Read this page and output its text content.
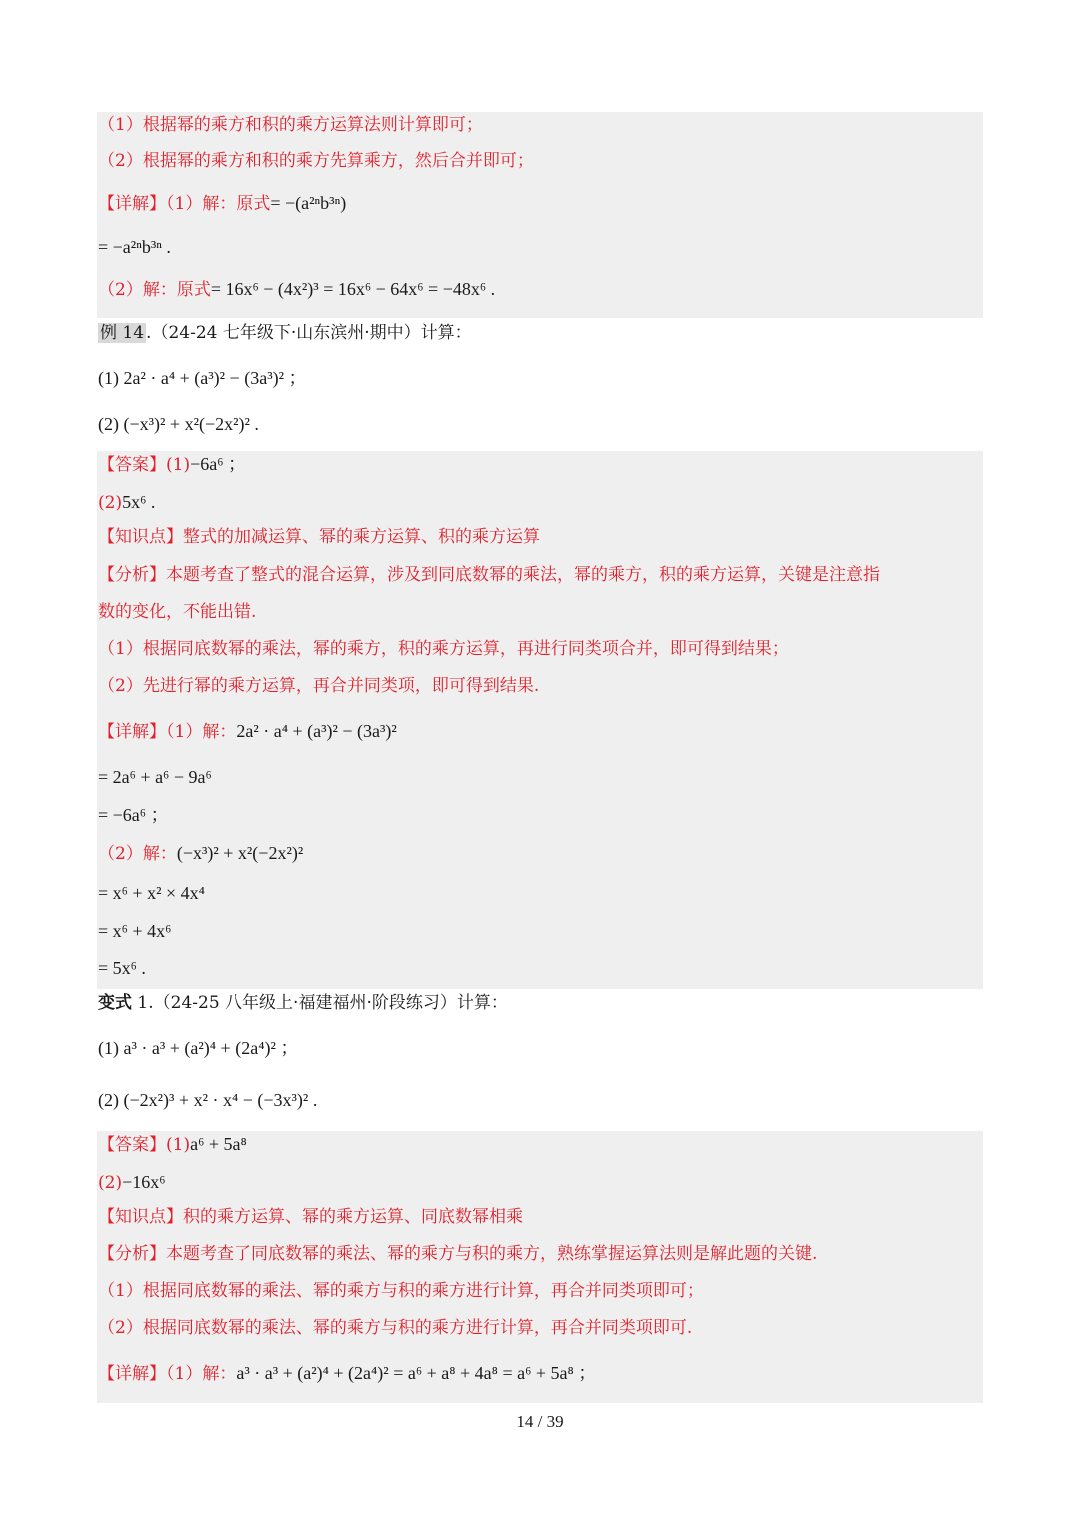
（1）根据幂的乘方和积的乘方运算法则计算即可；
（2）根据幂的乘方和积的乘方先算乘方，然后合并即可；
【详解】（1）解：原式= −(a²ⁿb³ⁿ)
= −a²ⁿb³ⁿ .
（2）解：原式= 16x⁶ − (4x²)³ = 16x⁶ − 64x⁶ = −48x⁶ .
例 14 .（24-24 七年级下·山东滨州·期中）计算：
(1) 2a² · a⁴ + (a³)² − (3a³)² ；
(2) (−x³)² + x²(−2x²)² .
【答案】(1)−6a⁶ ；
(2)5x⁶ .
【知识点】整式的加减运算、幂的乘方运算、积的乘方运算
【分析】本题考查了整式的混合运算，涉及到同底数幂的乘法，幂的乘方，积的乘方运算，关键是注意指
数的变化，不能出错.
（1）根据同底数幂的乘法，幂的乘方，积的乘方运算，再进行同类项合并，即可得到结果；
（2）先进行幂的乘方运算，再合并同类项，即可得到结果.
【详解】（1）解：2a² · a⁴ + (a³)² − (3a³)²
= 2a⁶ + a⁶ − 9a⁶
= −6a⁶ ；
（2）解：(−x³)² + x²(−2x²)²
= x⁶ + x² × 4x⁴
= x⁶ + 4x⁶
= 5x⁶ .
变式 1.（24-25 八年级上·福建福州·阶段练习）计算：
(1) a³ · a³ + (a²)⁴ + (2a⁴)² ；
(2) (−2x²)³ + x² · x⁴ − (−3x³)² .
【答案】(1)a⁶ + 5a⁸
(2)−16x⁶
【知识点】积的乘方运算、幂的乘方运算、同底数幂相乘
【分析】本题考查了同底数幂的乘法、幂的乘方与积的乘方，熟练掌握运算法则是解此题的关键.
（1）根据同底数幂的乘法、幂的乘方与积的乘方进行计算，再合并同类项即可；
（2）根据同底数幂的乘法、幂的乘方与积的乘方进行计算，再合并同类项即可.
【详解】（1）解：a³ · a³ + (a²)⁴ + (2a⁴)² = a⁶ + a⁸ + 4a⁸ = a⁶ + 5a⁸ ；
14 / 39
